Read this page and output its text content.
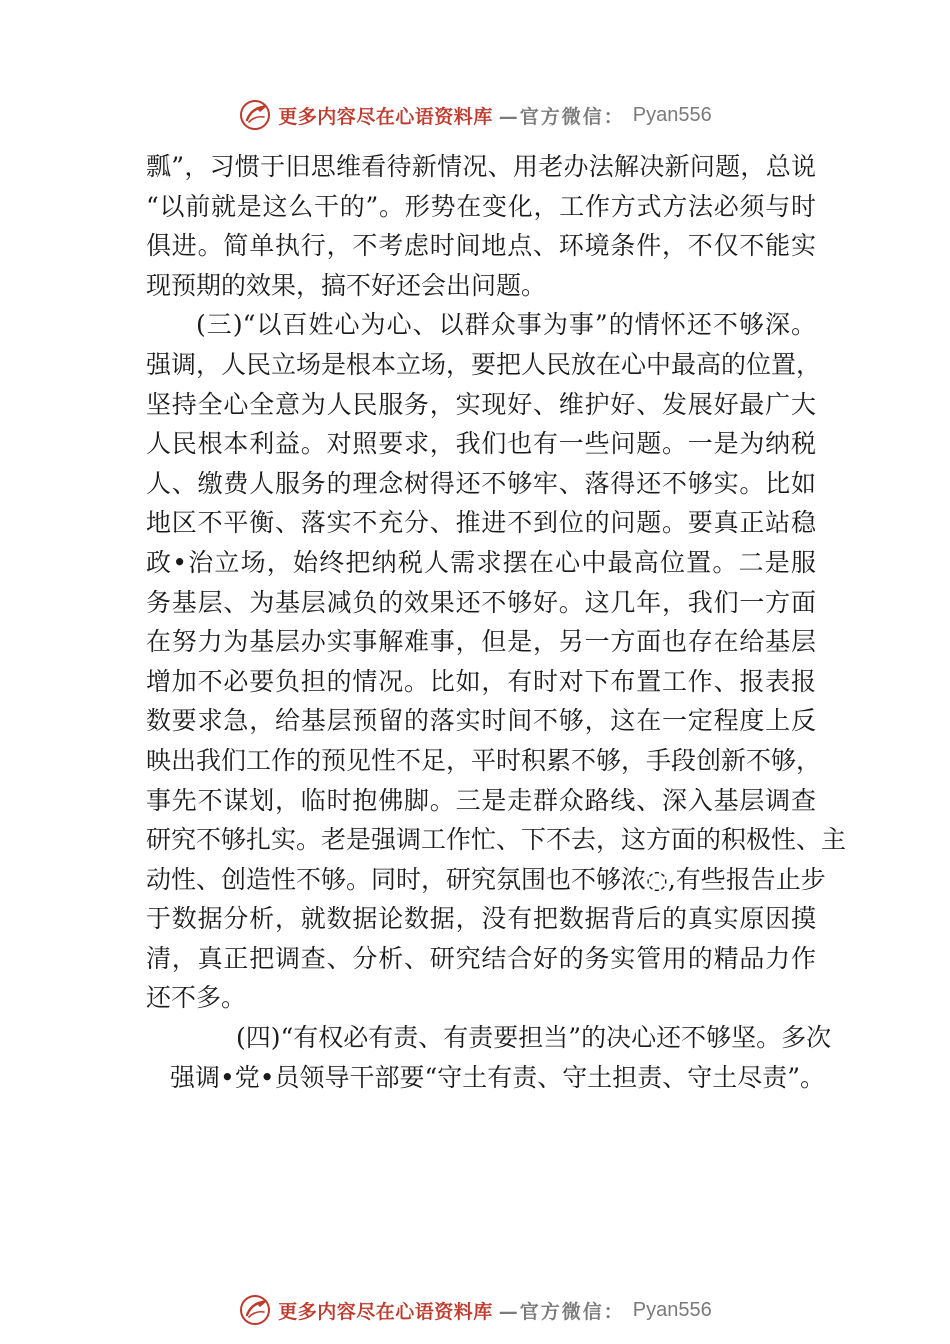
更多内容尽在心语资料库 —官方微信： Pyan556
瓢”，习惯于旧思维看待新情况、用老办法解决新问题，总说
“以前就是这么干的”。形势在变化，工作方式方法必须与时
俱进。简单执行，不考虑时间地点、环境条件，不仅不能实
现预期的效果，搞不好还会出问题。
(三)“以百姓心为心、以群众事为事”的情怀还不够深。
强调，人民立场是根本立场，要把人民放在心中最高的位置，
坚持全心全意为人民服务，实现好、维护好、发展好最广大
人民根本利益。对照要求，我们也有一些问题。一是为纳税
人、缴费人服务的理念树得还不够牢、落得还不够实。比如
地区不平衡、落实不充分、推进不到位的问题。要真正站稳
政•治立场，始终把纳税人需求摆在心中最高位置。二是服
务基层、为基层减负的效果还不够好。这几年，我们一方面
在努力为基层办实事解难事，但是，另一方面也存在给基层
增加不必要负担的情况。比如，有时对下布置工作、报表报
数要求急，给基层预留的落实时间不够，这在一定程度上反
映出我们工作的预见性不足，平时积累不够，手段创新不够，
事先不谋划，临时抱佛脚。三是走群众路线、深入基层调查
研究不够扎实。老是强调工作忙、下不去，这方面的积极性、主
动性、创造性不够。同时，研究氛围也不够浓◌,有些报告止步
于数据分析，就数据论数据，没有把数据背后的真实原因摸
清，真正把调查、分析、研究结合好的务实管用的精品力作
还不多。
(四)“有权必有责、有责要担当”的决心还不够坚。多次
强调•党•员领导干部要“守土有责、守土担责、守土尽责”。
更多内容尽在心语资料库 —官方微信： Pyan556
